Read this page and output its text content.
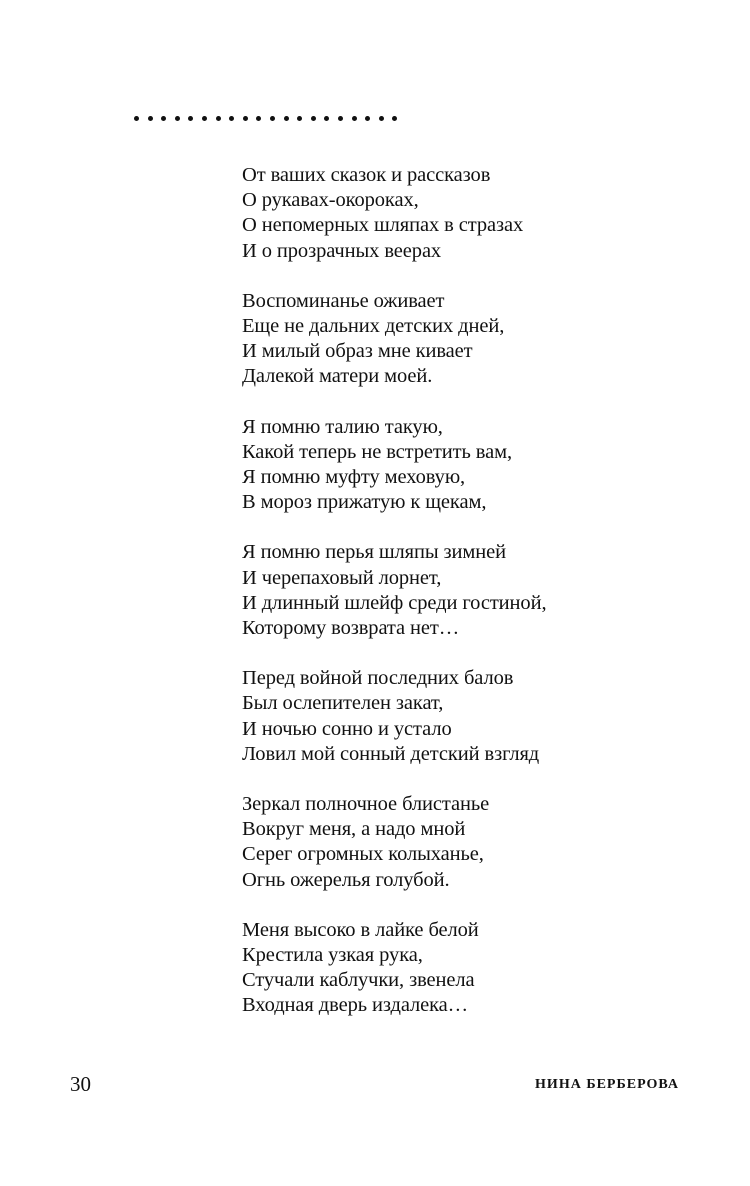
От ваших сказок и рассказов
О рукавах-окороках,
О непомерных шляпах в стразах
И о прозрачных веерах
Воспоминанье оживает
Еще не дальних детских дней,
И милый образ мне кивает
Далекой матери моей.
Я помню талию такую,
Какой теперь не встретить вам,
Я помню муфту меховую,
В мороз прижатую к щекам,
Я помню перья шляпы зимней
И черепаховый лорнет,
И длинный шлейф среди гостиной,
Которому возврата нет…
Перед войной последних балов
Был ослепителен закат,
И ночью сонно и устало
Ловил мой сонный детский взгляд
Зеркал полночное блистанье
Вокруг меня, а надо мной
Серег огромных колыханье,
Огнь ожерелья голубой.
Меня высоко в лайке белой
Крестила узкая рука,
Стучали каблучки, звенела
Входная дверь издалека…
30	НИНА БЕРБЕРОВА
